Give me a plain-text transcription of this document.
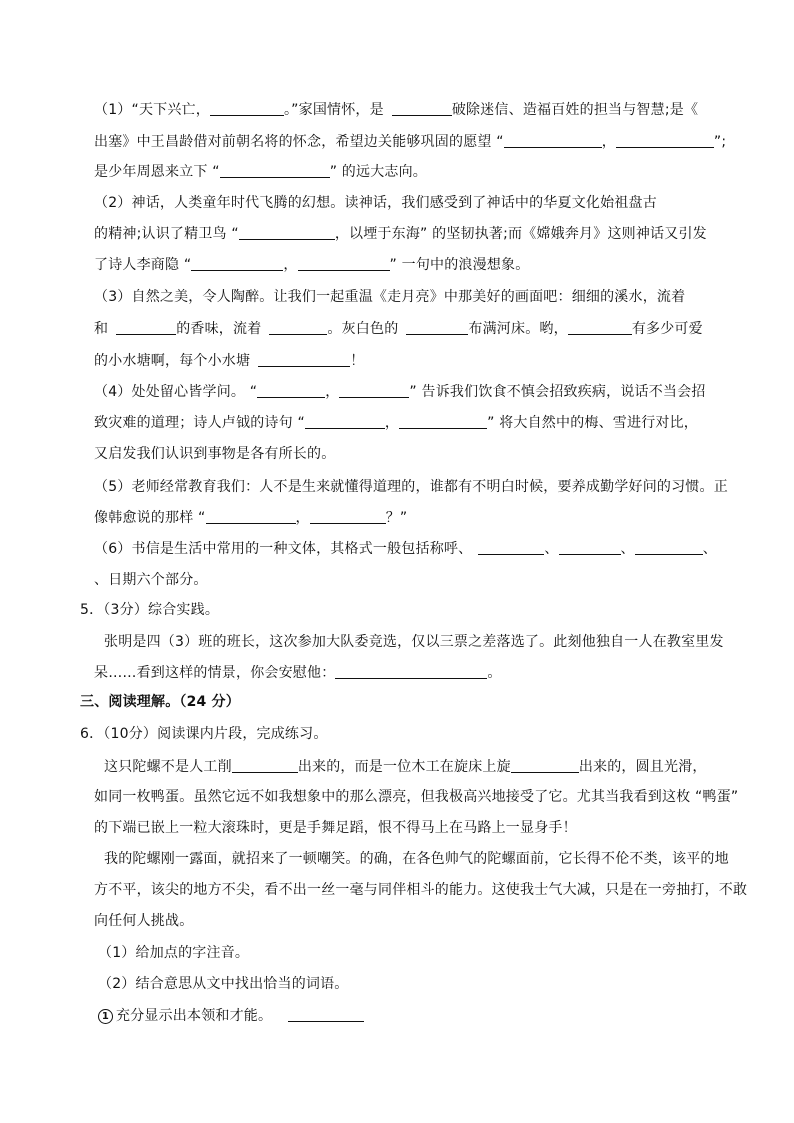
（1）“天下兴亡，	。”家国情怀，是	破除迷信、造福百姓的担当与智慧;是《
出塞》中王昌龄借对前朝名将的怀念，希望边关能够巩固的愿望 “	，	”;
是少年周恩来立下 “	” 的远大志向。
（2）神话，人类童年时代飞腾的幻想。读神话，我们感受到了神话中的华夏文化始祖盘古
的精神;认识了精卫鸟 “	，以堙于东海” 的坚韧执著;而《嫦娥奔月》这则神话又引发
了诗人李商隐 “	，	” 一句中的浪漫想象。
（3）自然之美，令人陶醉。让我们一起重温《走月亮》中那美好的画面吧：细细的溪水，流着
和	的香味，流着	。灰白色的	布满河床。哟，	有多少可爱
的小水塘啊，每个小水塘	！
（4）处处留心皆学问。 “	，	” 告诉我们饮食不慎会招致疾病，说话不当会招
致灾难的道理；诗人卢钺的诗句 “	，	” 将大自然中的梅、雪进行对比，
又启发我们认识到事物是各有所长的。
（5）老师经常教育我们：人不是生来就懂得道理的，谁都有不明白时候，要养成勤学好问的习惯。正
像韩愈说的那样 “	，	？”
（6）书信是生活中常用的一种文体，其格式一般包括称呼、	、	、	、
、日期六个部分。
5．（3分）综合实践。
张明是四（3）班的班长，这次参加大队委竞选，仅以三票之差落选了。此刻他独自一人在教室里发
呆……看到这样的情景，你会安慰他：	。
三、阅读理解。（24 分）
6．（10分）阅读课内片段，完成练习。
这只陀螺不是人工削	出来的，而是一位木工在旋床上旋	出来的，圆且光滑，
如同一枚鸭蛋。虽然它远不如我想象中的那么漂亮，但我极高兴地接受了它。尤其当我看到这枚 “鸭蛋”
的下端已嵌上一粒大滚珠时，更是手舞足蹈，恨不得马上在马路上一显身手！
我的陀螺刚一露面，就招来了一顿嘲笑。的确，在各色帅气的陀螺面前，它长得不伦不类，该平的地
方不平，该尖的地方不尖，看不出一丝一毫与同伴相斗的能力。这使我士气大减，只是在一旁抽打，不敢
向任何人挑战。
（1）给加点的字注音。
（2）结合意思从文中找出恰当的词语。
1 充分显示出本领和才能。
